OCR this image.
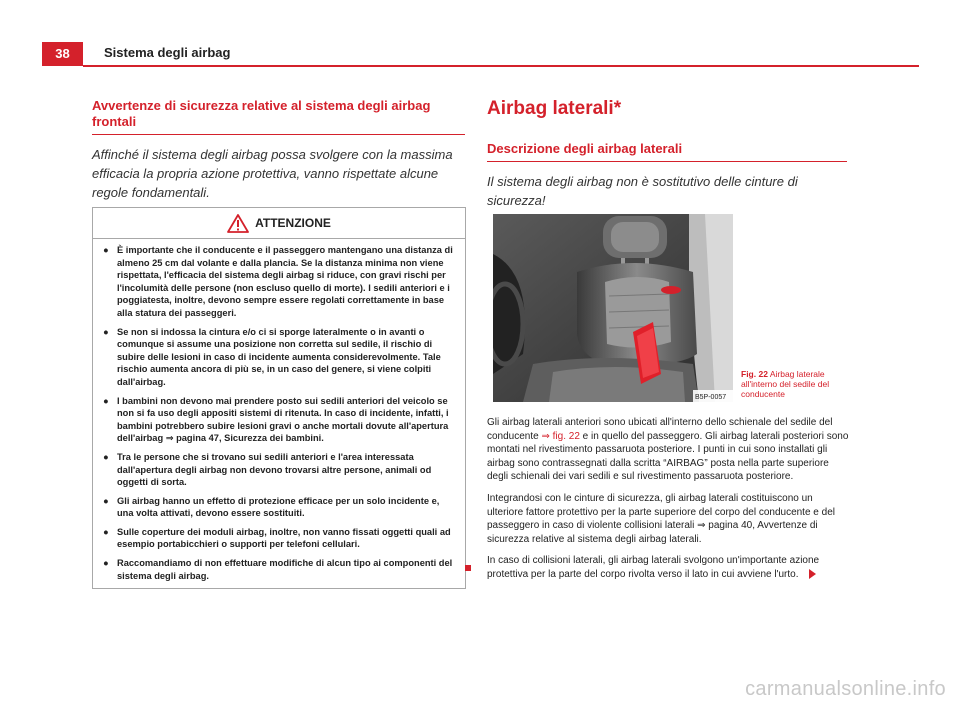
38	Sistema degli airbag
Avvertenze di sicurezza relative al sistema degli airbag frontali

Affinché il sistema degli airbag possa svolgere con la massima efficacia la propria azione protettiva, vanno rispettate alcune regole fondamentali.

ATTENZIONE
● È importante che il conducente e il passeggero mantengano una distanza di almeno 25 cm dal volante e dalla plancia. Se la distanza minima non viene rispettata, l'efficacia del sistema degli airbag si riduce, con gravi rischi per l'incolumità delle persone (non escluso quello di morte). I sedili anteriori e i poggiatesta, inoltre, devono sempre essere regolati correttamente in base alla statura dei passeggeri.
● Se non si indossa la cintura e/o ci si sporge lateralmente o in avanti o comunque si assume una posizione non corretta sul sedile, il rischio di subire delle lesioni in caso di incidente aumenta considerevolmente. Tale rischio aumenta ancora di più se, in un caso del genere, si viene colpiti dall'airbag.
● I bambini non devono mai prendere posto sui sedili anteriori del veicolo se non si fa uso degli appositi sistemi di ritenuta. In caso di incidente, infatti, i bambini potrebbero subire lesioni gravi o anche mortali dovute all'apertura dell'airbag ⇒ pagina 47, Sicurezza dei bambini.
● Tra le persone che si trovano sui sedili anteriori e l'area interessata dall'apertura degli airbag non devono trovarsi altre persone, animali od oggetti di sorta.
● Gli airbag hanno un effetto di protezione efficace per un solo incidente e, una volta attivati, devono essere sostituiti.
● Sulle coperture dei moduli airbag, inoltre, non vanno fissati oggetti quali ad esempio portabicchieri o supporti per telefoni cellulari.
● Raccomandiamo di non effettuare modifiche di alcun tipo ai componenti del sistema degli airbag.
Airbag laterali*
Descrizione degli airbag laterali

Il sistema degli airbag non è sostitutivo delle cinture di sicurezza!

B5P-0057
Fig. 22 Airbag laterale all'interno del sedile del conducente

Gli airbag laterali anteriori sono ubicati all'interno dello schienale del sedile del conducente ⇒ fig. 22 e in quello del passeggero. Gli airbag laterali posteriori sono montati nel rivestimento passaruota posteriore. I punti in cui sono installati gli airbag sono contrassegnati dalla scritta “AIRBAG” posta nella parte superiore degli schienali dei vari sedili e sul rivestimento passaruota posteriore.

Integrandosi con le cinture di sicurezza, gli airbag laterali costituiscono un ulteriore fattore protettivo per la parte superiore del corpo del conducente e del passeggero in caso di violente collisioni laterali ⇒ pagina 40, Avvertenze di sicurezza relative al sistema degli airbag laterali.

In caso di collisioni laterali, gli airbag laterali svolgono un'importante azione protettiva per la parte del corpo rivolta verso il lato in cui avviene l'urto.

carmanualsonline.info
